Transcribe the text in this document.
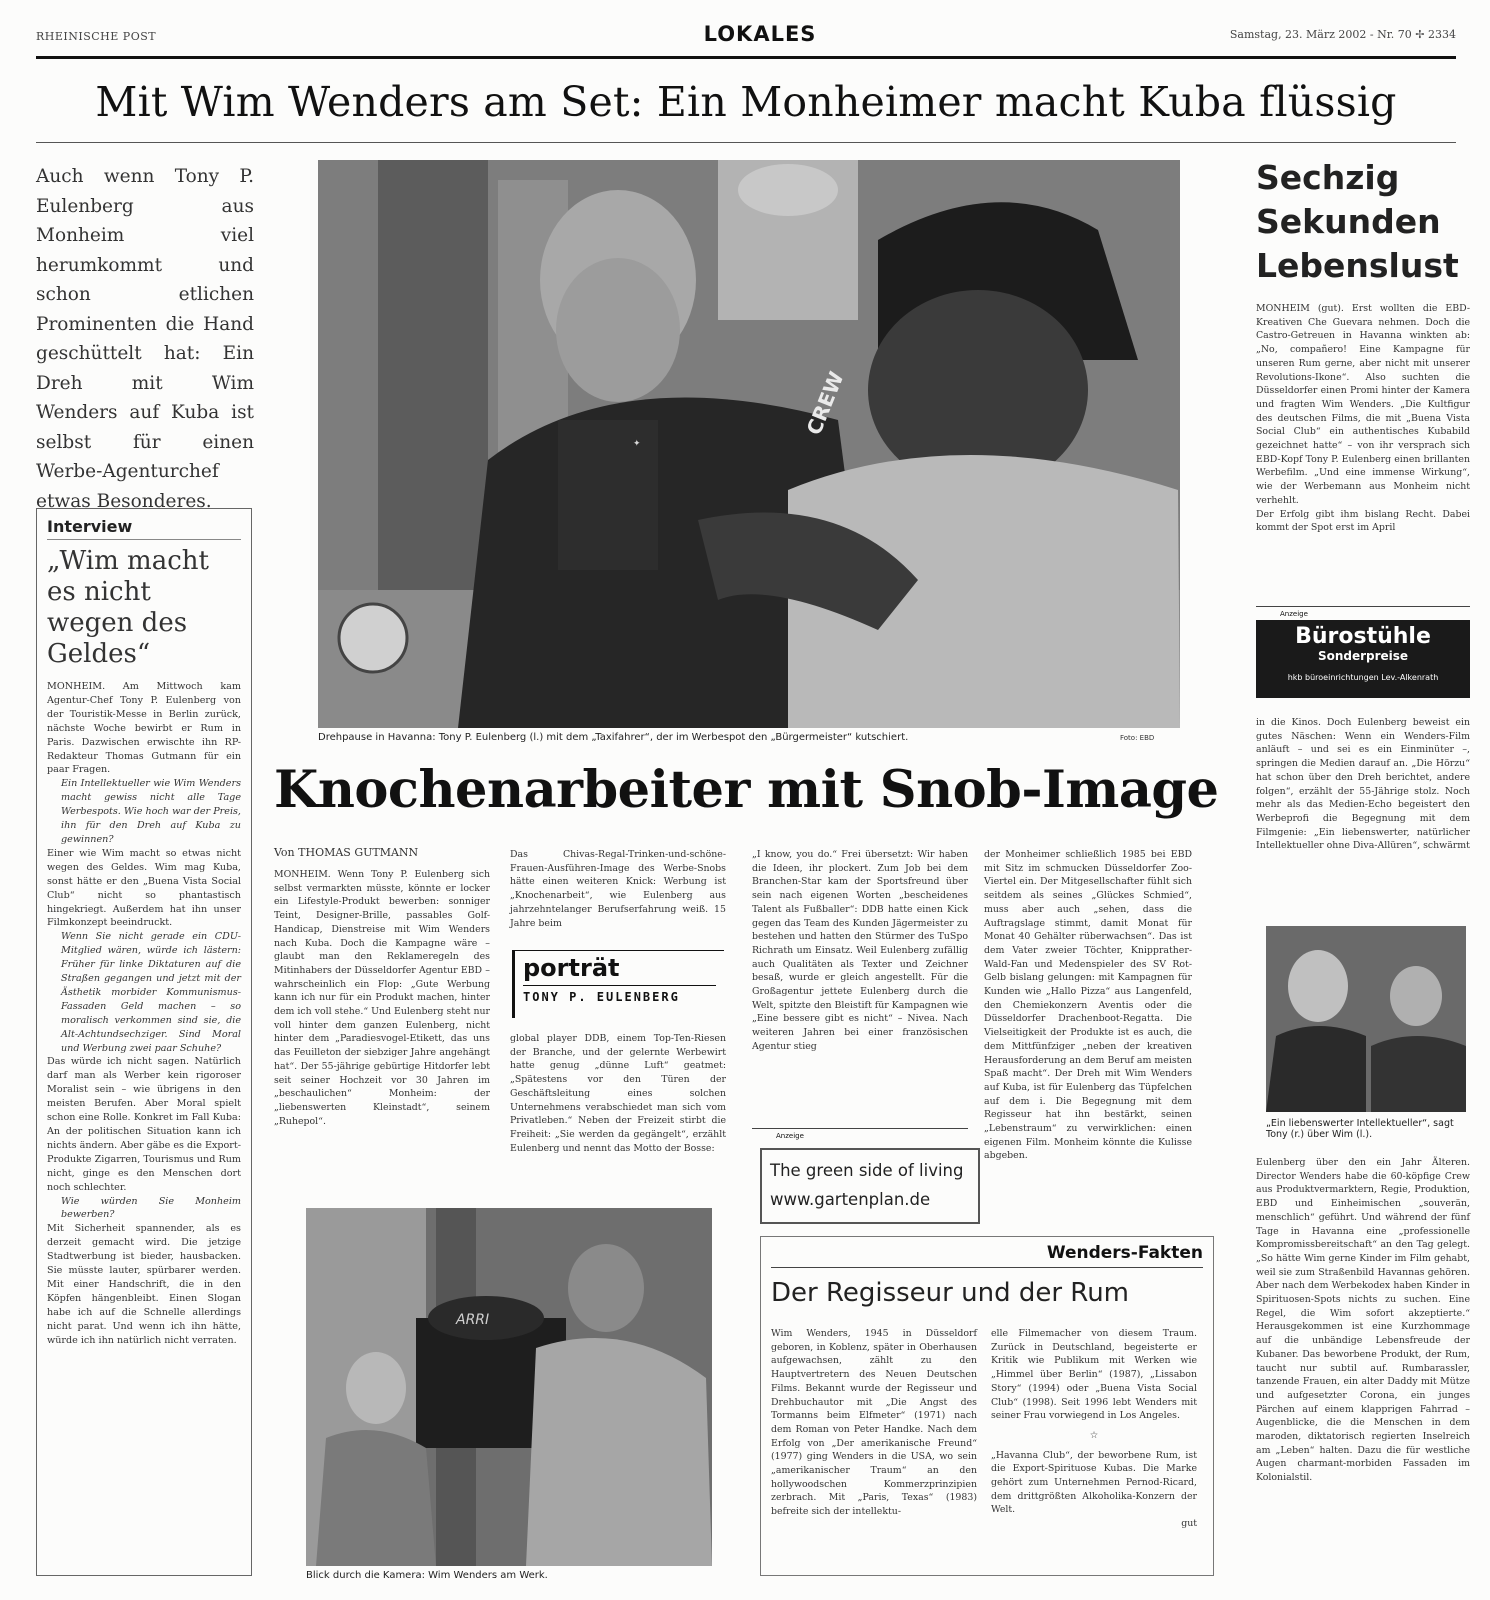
RHEINISCHE POST	LOKALES	Samstag, 23. März 2002 - Nr. 70 ✢ 2334
Mit Wim Wenders am Set: Ein Monheimer macht Kuba flüssig
Auch wenn Tony P. Eulenberg aus Monheim viel herumkommt und schon etlichen Prominenten die Hand geschüttelt hat: Ein Dreh mit Wim Wenders auf Kuba ist selbst für einen Werbe-Agenturchef etwas Besonderes.
Interview
„Wim macht es nicht wegen des Geldes“

MONHEIM. Am Mittwoch kam Agentur-Chef Tony P. Eulenberg von der Touristik-Messe in Berlin zurück, nächste Woche bewirbt er Rum in Paris. Dazwischen erwischte ihn RP-Redakteur Thomas Gutmann für ein paar Fragen.

Ein Intellektueller wie Wim Wenders macht gewiss nicht alle Tage Werbespots. Wie hoch war der Preis, ihn für den Dreh auf Kuba zu gewinnen?

Einer wie Wim macht so etwas nicht wegen des Geldes. Wim mag Kuba, sonst hätte er den „Buena Vista Social Club“ nicht so phantastisch hingekriegt. Außerdem hat ihn unser Filmkonzept beeindruckt.

Wenn Sie nicht gerade ein CDU-Mitglied wären, würde ich lästern: Früher für linke Diktaturen auf die Straßen gegangen und jetzt mit der Ästhetik morbider Kommunismus-Fassaden Geld machen – so moralisch verkommen sind sie, die Alt-Achtundsechziger. Sind Moral und Werbung zwei paar Schuhe?

Das würde ich nicht sagen. Natürlich darf man als Werber kein rigoroser Moralist sein – wie übrigens in den meisten Berufen. Aber Moral spielt schon eine Rolle. Konkret im Fall Kuba: An der politischen Situation kann ich nichts ändern. Aber gäbe es die Export-Produkte Zigarren, Tourismus und Rum nicht, ginge es den Menschen dort noch schlechter.

Wie würden Sie Monheim bewerben?

Mit Sicherheit spannender, als es derzeit gemacht wird. Die jetzige Stadtwerbung ist bieder, hausbacken. Sie müsste lauter, spürbarer werden. Mit einer Handschrift, die in den Köpfen hängenbleibt. Einen Slogan habe ich auf die Schnelle allerdings nicht parat. Und wenn ich ihn hätte, würde ich ihn natürlich nicht verraten.

✦
CREW
Drehpause in Havanna: Tony P. Eulenberg (l.) mit dem „Taxifahrer“, der im Werbespot den „Bürgermeister“ kutschiert.	Foto: EBD
Knochenarbeiter mit Snob-Image
Von THOMAS GUTMANN
MONHEIM. Wenn Tony P. Eulenberg sich selbst vermarkten müsste, könnte er locker ein Lifestyle-Produkt bewerben: sonniger Teint, Designer-Brille, passables Golf-Handicap, Dienstreise mit Wim Wenders nach Kuba. Doch die Kampagne wäre – glaubt man den Reklameregeln des Mitinhabers der Düsseldorfer Agentur EBD – wahrscheinlich ein Flop: „Gute Werbung kann ich nur für ein Produkt machen, hinter dem ich voll stehe.“ Und Eulenberg steht nur voll hinter dem ganzen Eulenberg, nicht hinter dem „Paradiesvogel-Etikett, das uns das Feuilleton der siebziger Jahre angehängt hat“. Der 55-jährige gebürtige Hitdorfer lebt seit seiner Hochzeit vor 30 Jahren im „beschaulichen“ Monheim: der „liebenswerten Kleinstadt“, seinem „Ruhepol“.
Das Chivas-Regal-Trinken-und-schöne-Frauen-Ausführen-Image des Werbe-Snobs hätte einen weiteren Knick: Werbung ist „Knochenarbeit“, wie Eulenberg aus jahrzehntelanger Berufserfahrung weiß. 15 Jahre beim
porträt
TONY P. EULENBERG
global player DDB, einem Top-Ten-Riesen der Branche, und der gelernte Werbewirt hatte genug „dünne Luft“ geatmet: „Spätestens vor den Türen der Geschäftsleitung eines solchen Unternehmens verabschiedet man sich vom Privatleben.“ Neben der Freizeit stirbt die Freiheit: „Sie werden da gegängelt“, erzählt Eulenberg und nennt das Motto der Bosse:
„I know, you do.“ Frei übersetzt: Wir haben die Ideen, ihr plockert. Zum Job bei dem Branchen-Star kam der Sportsfreund über sein nach eigenen Worten „bescheidenes Talent als Fußballer“: DDB hatte einen Kick gegen das Team des Kunden Jägermeister zu bestehen und hatten den Stürmer des TuSpo Richrath um Einsatz. Weil Eulenberg zufällig auch Qualitäten als Texter und Zeichner besaß, wurde er gleich angestellt. Für die Großagentur jettete Eulenberg durch die Welt, spitzte den Bleistift für Kampagnen wie „Eine bessere gibt es nicht“ – Nivea. Nach weiteren Jahren bei einer französischen Agentur stieg
der Monheimer schließlich 1985 bei EBD mit Sitz im schmucken Düsseldorfer Zoo-Viertel ein. Der Mitgesellschafter fühlt sich seitdem als seines „Glückes Schmied“, muss aber auch „sehen, dass die Auftragslage stimmt, damit Monat für Monat 40 Gehälter rüberwachsen“. Das ist dem Vater zweier Töchter, Knipprather-Wald-Fan und Medenspieler des SV Rot-Gelb bislang gelungen: mit Kampagnen für Kunden wie „Hallo Pizza“ aus Langenfeld, den Chemiekonzern Aventis oder die Düsseldorfer Drachenboot-Regatta. Die Vielseitigkeit der Produkte ist es auch, die dem Mittfünfziger „neben der kreativen Herausforderung an dem Beruf am meisten Spaß macht“. Der Dreh mit Wim Wenders auf Kuba, ist für Eulenberg das Tüpfelchen auf dem i. Die Begegnung mit dem Regisseur hat ihn bestärkt, seinen „Lebenstraum“ zu verwirklichen: einen eigenen Film. Monheim könnte die Kulisse abgeben.
Anzeige
The green side of living
www.gartenplan.de
ARRI
Blick durch die Kamera: Wim Wenders am Werk.
Wenders-Fakten
Der Regisseur und der Rum
Wim Wenders, 1945 in Düsseldorf geboren, in Koblenz, später in Oberhausen aufgewachsen, zählt zu den Hauptvertretern des Neuen Deutschen Films. Bekannt wurde der Regisseur und Drehbuchautor mit „Die Angst des Tormanns beim Elfmeter“ (1971) nach dem Roman von Peter Handke. Nach dem Erfolg von „Der amerikanische Freund“ (1977) ging Wenders in die USA, wo sein „amerikanischer Traum“ an den hollywoodschen Kommerzprinzipien zerbrach. Mit „Paris, Texas“ (1983) befreite sich der intellektu-

elle Filmemacher von diesem Traum. Zurück in Deutschland, begeisterte er Kritik wie Publikum mit Werken wie „Himmel über Berlin“ (1987), „Lissabon Story“ (1994) oder „Buena Vista Social Club“ (1998). Seit 1996 lebt Wenders mit seiner Frau vorwiegend in Los Angeles.

☆

„Havanna Club“, der beworbene Rum, ist die Export-Spirituose Kubas. Die Marke gehört zum Unternehmen Pernod-Ricard, dem drittgrößten Alkoholika-Konzern der Welt.

gut

Sechzig Sekunden Lebenslust

MONHEIM (gut). Erst wollten die EBD-Kreativen Che Guevara nehmen. Doch die Castro-Getreuen in Havanna winkten ab: „No, compañero! Eine Kampagne für unseren Rum gerne, aber nicht mit unserer Revolutions-Ikone“. Also suchten die Düsseldorfer einen Promi hinter der Kamera und fragten Wim Wenders. „Die Kultfigur des deutschen Films, die mit „Buena Vista Social Club“ ein authentisches Kubabild gezeichnet hatte“ – von ihr versprach sich EBD-Kopf Tony P. Eulenberg einen brillanten Werbefilm. „Und eine immense Wirkung“, wie der Werbemann aus Monheim nicht verhehlt.

Der Erfolg gibt ihm bislang Recht. Dabei kommt der Spot erst im April

Anzeige
Bürostühle
Sonderpreise
hkb büroeinrichtungen Lev.-Alkenrath
in die Kinos. Doch Eulenberg beweist ein gutes Näschen: Wenn ein Wenders-Film anläuft – und sei es ein Einminüter –, springen die Medien darauf an. „Die Hörzu“ hat schon über den Dreh berichtet, andere folgen“, erzählt der 55-Jährige stolz. Noch mehr als das Medien-Echo begeistert den Werbeprofi die Begegnung mit dem Filmgenie: „Ein liebenswerter, natürlicher Intellektueller ohne Diva-Allüren“, schwärmt
„Ein liebenswerter Intellektueller“, sagt Tony (r.) über Wim (l.).
Eulenberg über den ein Jahr Älteren. Director Wenders habe die 60-köpfige Crew aus Produktvermarktern, Regie, Produktion, EBD und Einheimischen „souverän, menschlich“ geführt. Und während der fünf Tage in Havanna eine „professionelle Kompromissbereitschaft“ an den Tag gelegt. „So hätte Wim gerne Kinder im Film gehabt, weil sie zum Straßenbild Havannas gehören. Aber nach dem Werbekodex haben Kinder in Spirituosen-Spots nichts zu suchen. Eine Regel, die Wim sofort akzeptierte.“ Herausgekommen ist eine Kurzhommage auf die unbändige Lebensfreude der Kubaner. Das beworbene Produkt, der Rum, taucht nur subtil auf. Rumbarassler, tanzende Frauen, ein alter Daddy mit Mütze und aufgesetzter Corona, ein junges Pärchen auf einem klapprigen Fahrrad – Augenblicke, die die Menschen in dem maroden, diktatorisch regierten Inselreich am „Leben“ halten. Dazu die für westliche Augen charmant-morbiden Fassaden im Kolonialstil.
